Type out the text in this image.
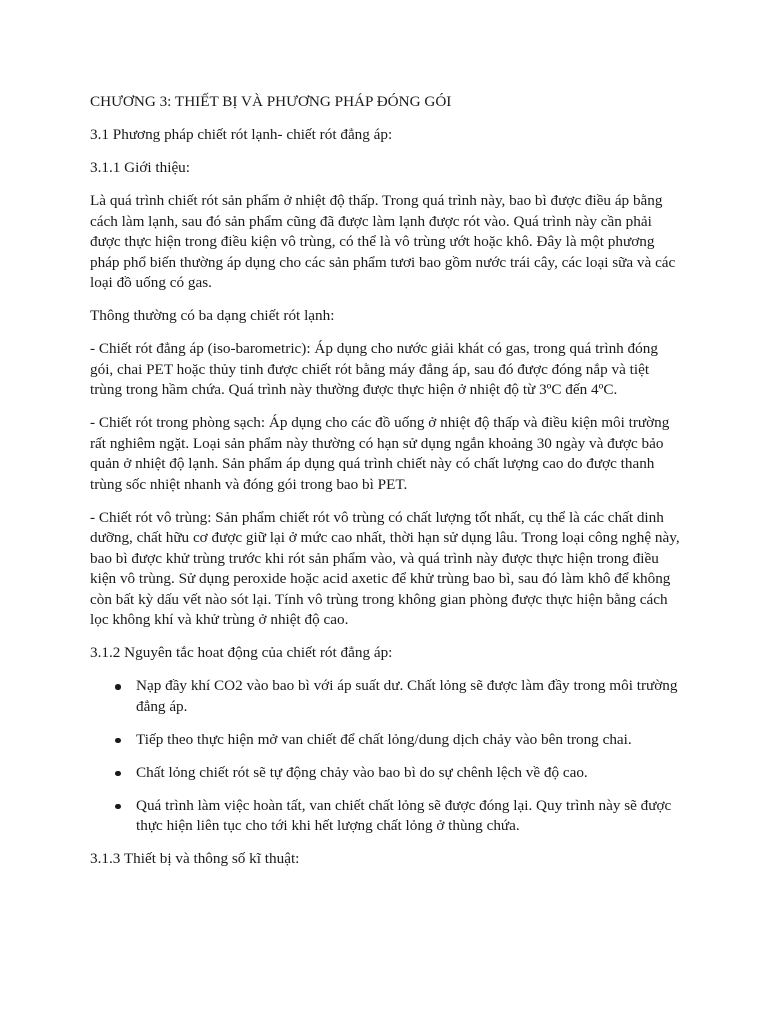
CHƯƠNG 3: THIẾT BỊ VÀ PHƯƠNG PHÁP ĐÓNG GÓI
3.1 Phương pháp chiết rót lạnh- chiết rót đẳng áp:
3.1.1 Giới thiệu:
Là quá trình chiết rót sản phẩm ở nhiệt độ thấp. Trong quá trình này, bao bì được điều áp bằng
cách làm lạnh, sau đó sản phẩm cũng đã được làm lạnh được rót vào. Quá trình này cần phải
được thực hiện trong điều kiện vô trùng, có thể là vô trùng ướt hoặc khô. Đây là một phương
pháp phổ biến thường áp dụng cho các sản phẩm tươi bao gồm nước trái cây, các loại sữa và các
loại đồ uống có gas.
Thông thường có ba dạng chiết rót lạnh:
- Chiết rót đẳng áp (iso-barometric): Áp dụng cho nước giải khát có gas, trong quá trình đóng
gói, chai PET hoặc thủy tinh được chiết rót bằng máy đẳng áp, sau đó được đóng nắp và tiệt
trùng trong hầm chứa. Quá trình này thường được thực hiện ở nhiệt độ từ 3ºC đến 4ºC.
- Chiết rót trong phòng sạch: Áp dụng cho các đồ uống ở nhiệt độ thấp và điều kiện môi trường
rất nghiêm ngặt. Loại sản phẩm này thường có hạn sử dụng ngắn khoảng 30 ngày và được bảo
quản ở nhiệt độ lạnh. Sản phẩm áp dụng quá trình chiết này có chất lượng cao do được thanh
trùng sốc nhiệt nhanh và đóng gói trong bao bì PET.
- Chiết rót vô trùng: Sản phẩm chiết rót vô trùng có chất lượng tốt nhất, cụ thể là các chất dinh
dưỡng, chất hữu cơ được giữ lại ở mức cao nhất, thời hạn sử dụng lâu. Trong loại công nghệ này,
bao bì được khử trùng trước khi rót sản phẩm vào, và quá trình này được thực hiện trong điều
kiện vô trùng. Sử dụng peroxide hoặc acid axetic để khử trùng bao bì, sau đó làm khô để không
còn bất kỳ dấu vết nào sót lại. Tính vô trùng trong không gian phòng được thực hiện bằng cách
lọc không khí và khử trùng ở nhiệt độ cao.
3.1.2 Nguyên tắc hoat động của chiết rót đẳng áp:
Nạp đầy khí CO2 vào bao bì với áp suất dư. Chất lỏng sẽ được làm đầy trong môi trường
đẳng áp.
Tiếp theo thực hiện mở van chiết để chất lỏng/dung dịch chảy vào bên trong chai.
Chất lỏng chiết rót sẽ tự động chảy vào bao bì do sự chênh lệch về độ cao.
Quá trình làm việc hoàn tất, van chiết chất lỏng sẽ được đóng lại. Quy trình này sẽ được
thực hiện liên tục cho tới khi hết lượng chất lỏng ở thùng chứa.
3.1.3 Thiết bị và thông số kĩ thuật:
